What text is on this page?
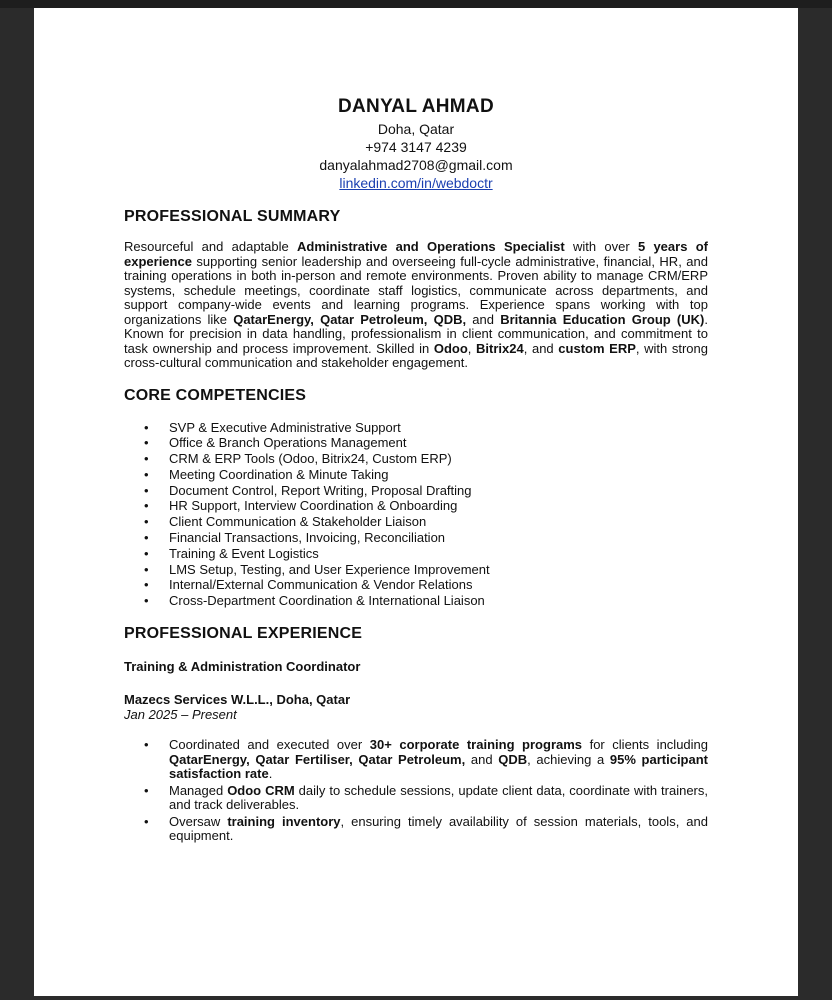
DANYAL AHMAD
Doha, Qatar
+974 3147 4239
danyalahmad2708@gmail.com
linkedin.com/in/webdoctr
PROFESSIONAL SUMMARY

Resourceful and adaptable Administrative and Operations Specialist with over 5 years of experience supporting senior leadership and overseeing full-cycle administrative, financial, HR, and training operations in both in-person and remote environments. Proven ability to manage CRM/ERP systems, schedule meetings, coordinate staff logistics, communicate across departments, and support company-wide events and learning programs. Experience spans working with top organizations like QatarEnergy, Qatar Petroleum, QDB, and Britannia Education Group (UK). Known for precision in data handling, professionalism in client communication, and commitment to task ownership and process improvement. Skilled in Odoo, Bitrix24, and custom ERP, with strong cross-cultural communication and stakeholder engagement.

CORE COMPETENCIES
• SVP & Executive Administrative Support
• Office & Branch Operations Management
• CRM & ERP Tools (Odoo, Bitrix24, Custom ERP)
• Meeting Coordination & Minute Taking
• Document Control, Report Writing, Proposal Drafting
• HR Support, Interview Coordination & Onboarding
• Client Communication & Stakeholder Liaison
• Financial Transactions, Invoicing, Reconciliation
• Training & Event Logistics
• LMS Setup, Testing, and User Experience Improvement
• Internal/External Communication & Vendor Relations
• Cross-Department Coordination & International Liaison
PROFESSIONAL EXPERIENCE
Training & Administration Coordinator
Mazecs Services W.L.L., Doha, Qatar
Jan 2025 – Present
• Coordinated and executed over 30+ corporate training programs for clients including QatarEnergy, Qatar Fertiliser, Qatar Petroleum, and QDB, achieving a 95% participant satisfaction rate.
• Managed Odoo CRM daily to schedule sessions, update client data, coordinate with trainers, and track deliverables.
• Oversaw training inventory, ensuring timely availability of session materials, tools, and equipment.
